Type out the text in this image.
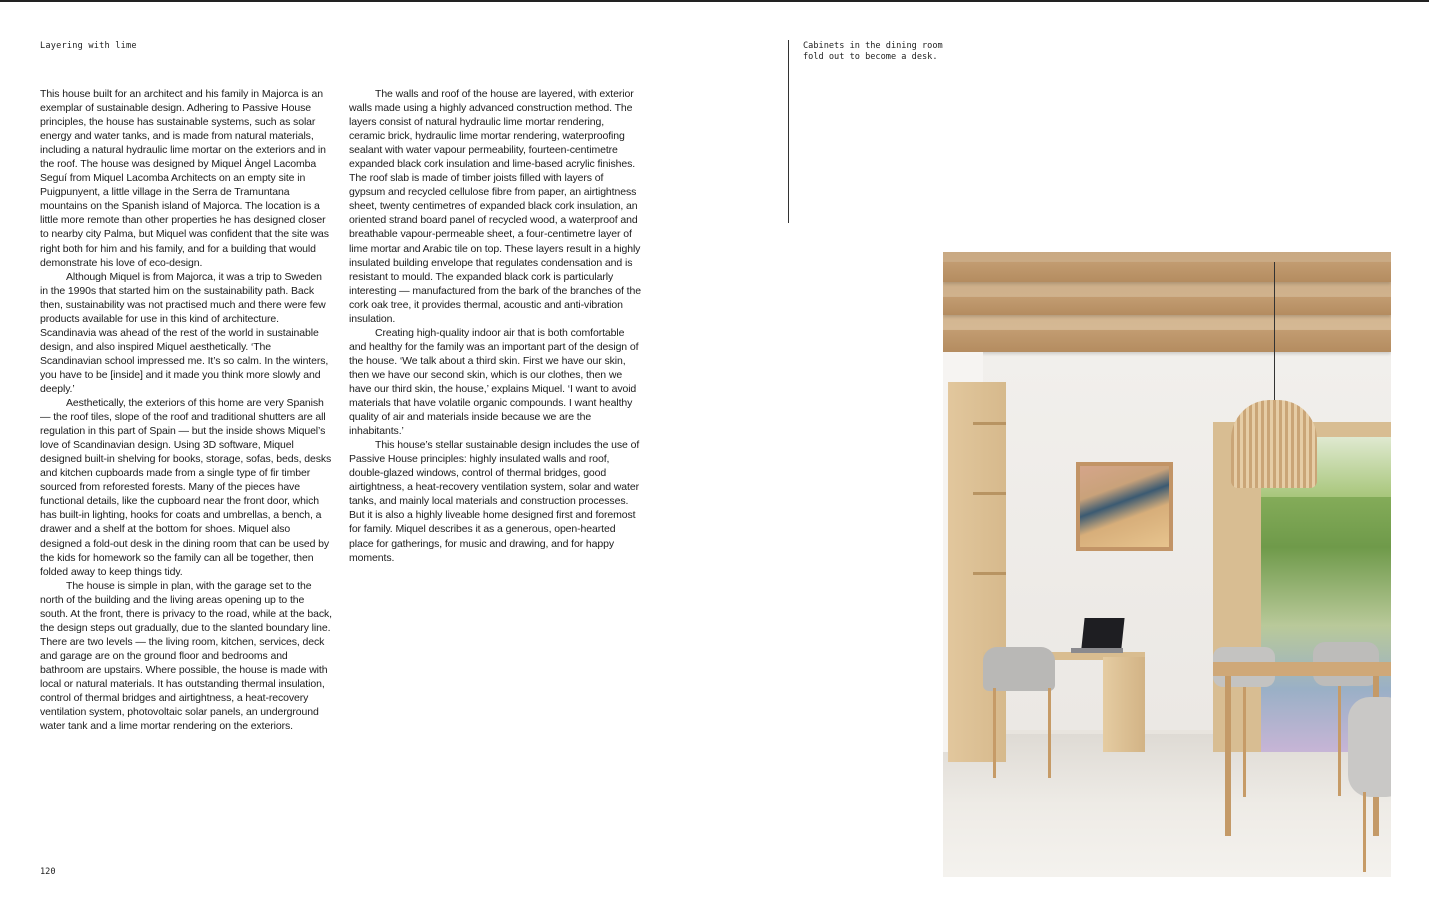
Layering with lime

This house built for an architect and his family in Majorca is an exemplar of sustainable design. Adhering to Passive House principles, the house has sustainable systems, such as solar energy and water tanks, and is made from natural materials, including a natural hydraulic lime mortar on the exteriors and in the roof. The house was designed by Miquel Àngel Lacomba Seguí from Miquel Lacomba Architects on an empty site in Puigpunyent, a little village in the Serra de Tramuntana mountains on the Spanish island of Majorca. The location is a little more remote than other properties he has designed closer to nearby city Palma, but Miquel was confident that the site was right both for him and his family, and for a building that would demonstrate his love of eco-design.

Although Miquel is from Majorca, it was a trip to Sweden in the 1990s that started him on the sustainability path. Back then, sustainability was not practised much and there were few products available for use in this kind of architecture. Scandinavia was ahead of the rest of the world in sustainable design, and also inspired Miquel aesthetically. ‘The Scandinavian school impressed me. It’s so calm. In the winters, you have to be [inside] and it made you think more slowly and deeply.’

Aesthetically, the exteriors of this home are very Spanish — the roof tiles, slope of the roof and traditional shutters are all regulation in this part of Spain — but the inside shows Miquel’s love of Scandinavian design. Using 3D software, Miquel designed built-in shelving for books, storage, sofas, beds, desks and kitchen cupboards made from a single type of fir timber sourced from reforested forests. Many of the pieces have functional details, like the cupboard near the front door, which has built-in lighting, hooks for coats and umbrellas, a bench, a drawer and a shelf at the bottom for shoes. Miquel also designed a fold-out desk in the dining room that can be used by the kids for homework so the family can all be together, then folded away to keep things tidy.

The house is simple in plan, with the garage set to the north of the building and the living areas opening up to the south. At the front, there is privacy to the road, while at the back, the design steps out gradually, due to the slanted boundary line. There are two levels — the living room, kitchen, services, deck and garage are on the ground floor and bedrooms and bathroom are upstairs. Where possible, the house is made with local or natural materials. It has outstanding thermal insulation, control of thermal bridges and airtightness, a heat-recovery ventilation system, photovoltaic solar panels, an underground water tank and a lime mortar rendering on the exteriors.

The walls and roof of the house are layered, with exterior walls made using a highly advanced construction method. The layers consist of natural hydraulic lime mortar rendering, ceramic brick, hydraulic lime mortar rendering, waterproofing sealant with water vapour permeability, fourteen-centimetre expanded black cork insulation and lime-based acrylic finishes. The roof slab is made of timber joists filled with layers of gypsum and recycled cellulose fibre from paper, an airtightness sheet, twenty centimetres of expanded black cork insulation, an oriented strand board panel of recycled wood, a waterproof and breathable vapour-permeable sheet, a four-centimetre layer of lime mortar and Arabic tile on top. These layers result in a highly insulated building envelope that regulates condensation and is resistant to mould. The expanded black cork is particularly interesting — manufactured from the bark of the branches of the cork oak tree, it provides thermal, acoustic and anti-vibration insulation.

Creating high-quality indoor air that is both comfortable and healthy for the family was an important part of the design of the house. ‘We talk about a third skin. First we have our skin, then we have our second skin, which is our clothes, then we have our third skin, the house,’ explains Miquel. ‘I want to avoid materials that have volatile organic compounds. I want healthy quality of air and materials inside because we are the inhabitants.’

This house’s stellar sustainable design includes the use of Passive House principles: highly insulated walls and roof, double-glazed windows, control of thermal bridges, good airtightness, a heat-recovery ventilation system, solar and water tanks, and mainly local materials and construction processes. But it is also a highly liveable home designed first and foremost for family. Miquel describes it as a generous, open-hearted place for gatherings, for music and drawing, and for happy moments.

Cabinets in the dining room
fold out to become a desk.
120
